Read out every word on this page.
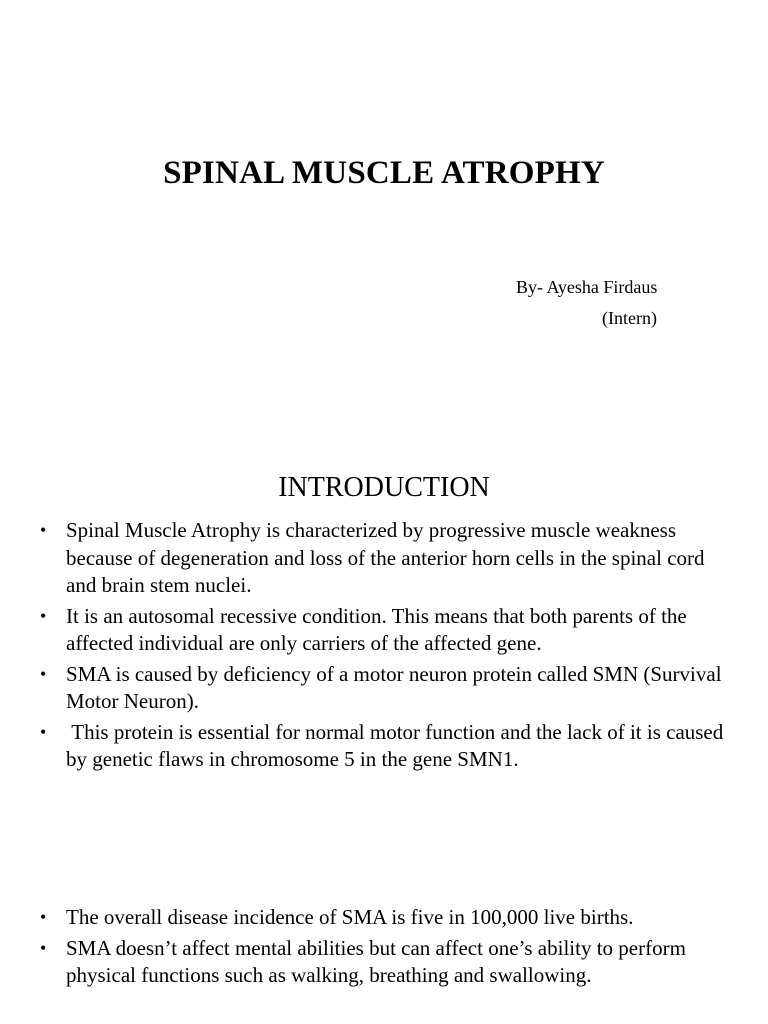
SPINAL MUSCLE ATROPHY

By- Ayesha Firdaus

(Intern)

INTRODUCTION
• Spinal Muscle Atrophy is characterized by progressive muscle weakness because of degeneration and loss of the anterior horn cells in the spinal cord and brain stem nuclei.
• It is an autosomal recessive condition. This means that both parents of the affected individual are only carriers of the affected gene.
• SMA is caused by deficiency of a motor neuron protein called SMN (Survival Motor Neuron).
• This protein is essential for normal motor function and the lack of it is caused by genetic flaws in chromosome 5 in the gene SMN1.
• The overall disease incidence of SMA is five in 100,000 live births.
• SMA doesn’t affect mental abilities but can affect one’s ability to perform physical functions such as walking, breathing and swallowing.
